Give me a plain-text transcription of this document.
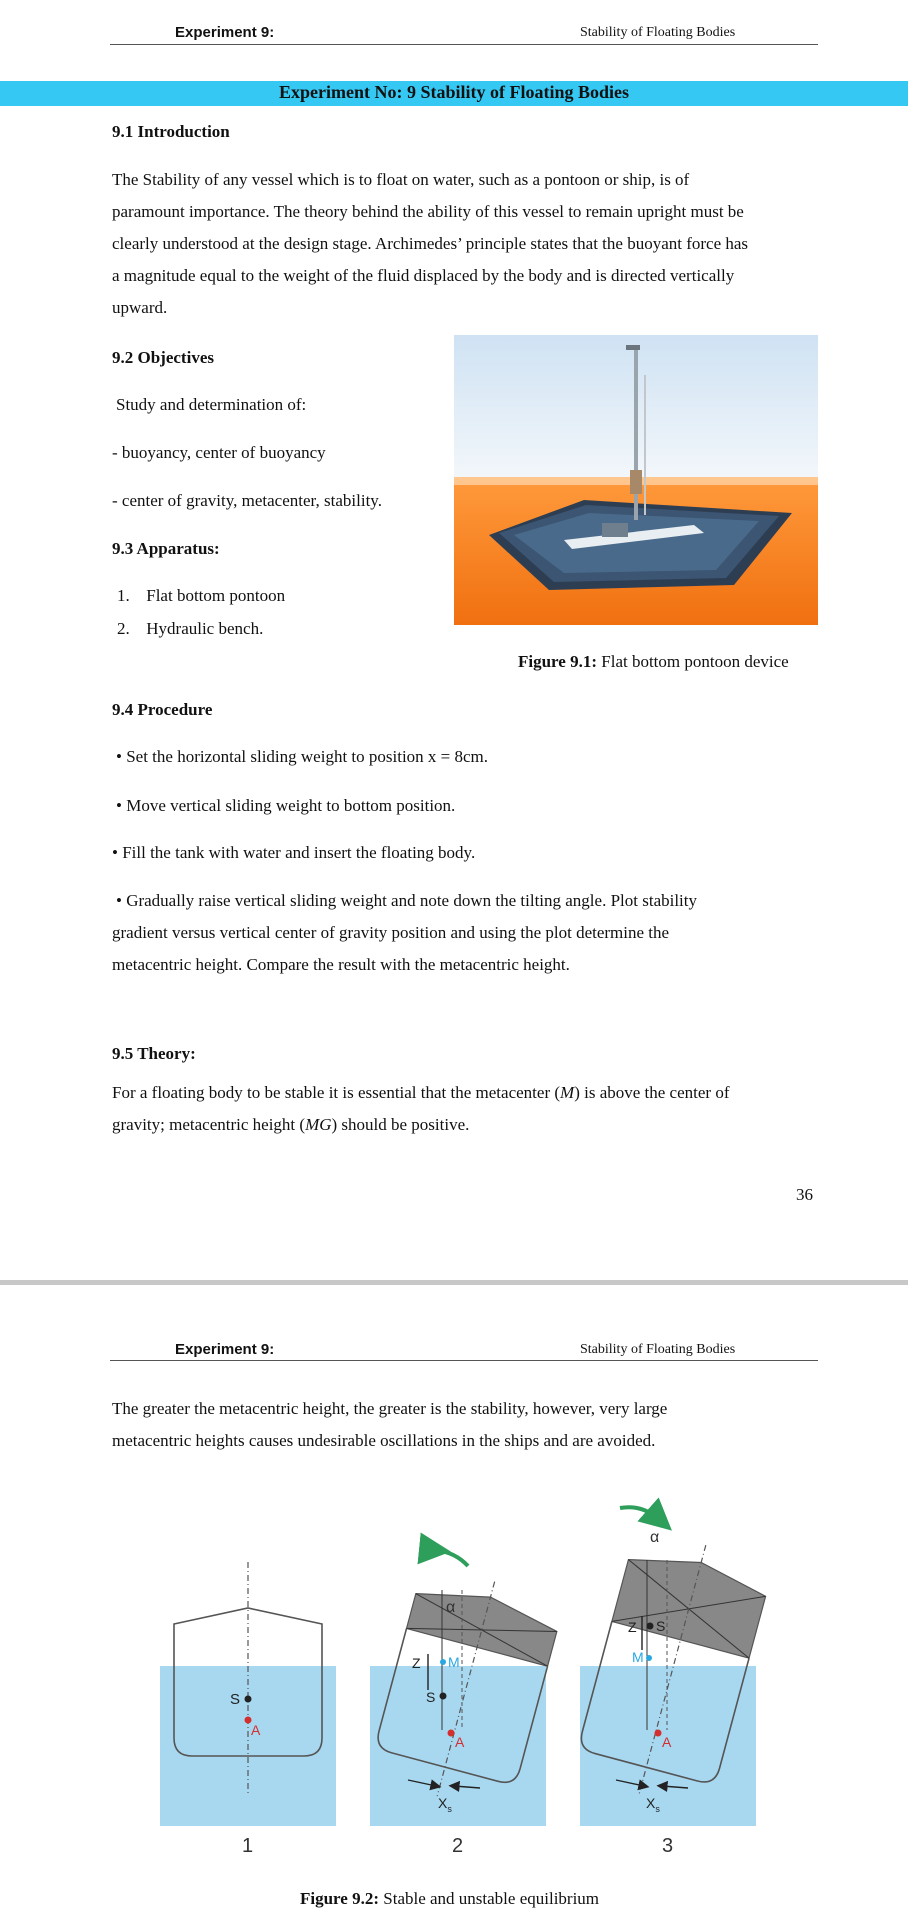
Experiment 9:	Stability of Floating Bodies
Experiment No: 9 Stability of Floating Bodies
9.1 Introduction
The Stability of any vessel which is to float on water, such as a pontoon or ship, is of
paramount importance. The theory behind the ability of this vessel to remain upright must be
clearly understood at the design stage. Archimedes’ principle states that the buoyant force has
a magnitude equal to the weight of the fluid displaced by the body and is directed vertically
upward.
9.2 Objectives
Study and determination of:
- buoyancy, center of buoyancy
- center of gravity, metacenter, stability.
9.3 Apparatus:
1. Flat bottom pontoon
2. Hydraulic bench.
Figure 9.1: Flat bottom pontoon device
9.4 Procedure
• Set the horizontal sliding weight to position x = 8cm.
• Move vertical sliding weight to bottom position.
• Fill the tank with water and insert the floating body.
• Gradually raise vertical sliding weight and note down the tilting angle. Plot stability
gradient versus vertical center of gravity position and using the plot determine the
metacentric height. Compare the result with the metacentric height.
9.5 Theory:
For a floating body to be stable it is essential that the metacenter (M) is above the center of
gravity; metacentric height (MG) should be positive.
36
Experiment 9:	Stability of Floating Bodies
The greater the metacentric height, the greater is the stability, however, very large
metacentric heights causes undesirable oscillations in the ships and are avoided.
S
A
1
α
M
Z
S
A
$X_s$
2
α
S
Z
M
A
$X_s$
3
Figure 9.2: Stable and unstable equilibrium
